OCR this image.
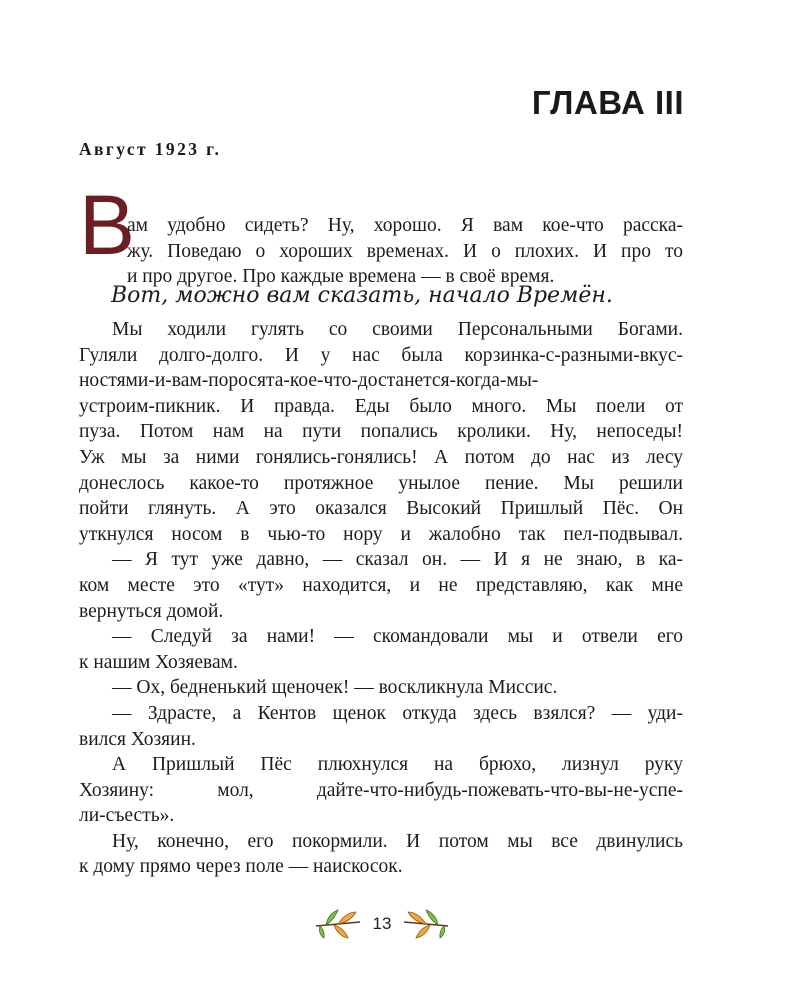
ГЛАВА III
Август 1923 г.
В
ам удобно сидеть? Ну, хорошо. Я вам кое-что расска-
жу. Поведаю о хороших временах. И о плохих. И про то
и про другое. Про каждые времена — в своё время.
Вот, можно вам сказать, начало Времён.
Мы ходили гулять со своими Персональными Богами.
Гуляли долго-долго. И у нас была корзинка-с-разными-вкус-
ностями-и-вам-поросята-кое-что-достанется-когда-мы-
устроим-пикник. И правда. Еды было много. Мы поели от
пуза. Потом нам на пути попались кролики. Ну, непоседы!
Уж мы за ними гонялись-гонялись! А потом до нас из лесу
донеслось какое-то протяжное унылое пение. Мы решили
пойти глянуть. А это оказался Высокий Пришлый Пёс. Он
уткнулся носом в чью-то нору и жалобно так пел-подвывал.
— Я тут уже давно, — сказал он. — И я не знаю, в ка-
ком месте это «тут» находится, и не представляю, как мне
вернуться домой.
— Следуй за нами! — скомандовали мы и отвели его
к нашим Хозяевам.
— Ох, бедненький щеночек! — воскликнула Миссис.
— Здрасте, а Кентов щенок откуда здесь взялся? — уди-
вился Хозяин.
А Пришлый Пёс плюхнулся на брюхо, лизнул руку
Хозяину: мол, дайте-что-нибудь-пожевать-что-вы-не-успе-
ли-съесть».
Ну, конечно, его покормили. И потом мы все двинулись
к дому прямо через поле — наискосок.
13
